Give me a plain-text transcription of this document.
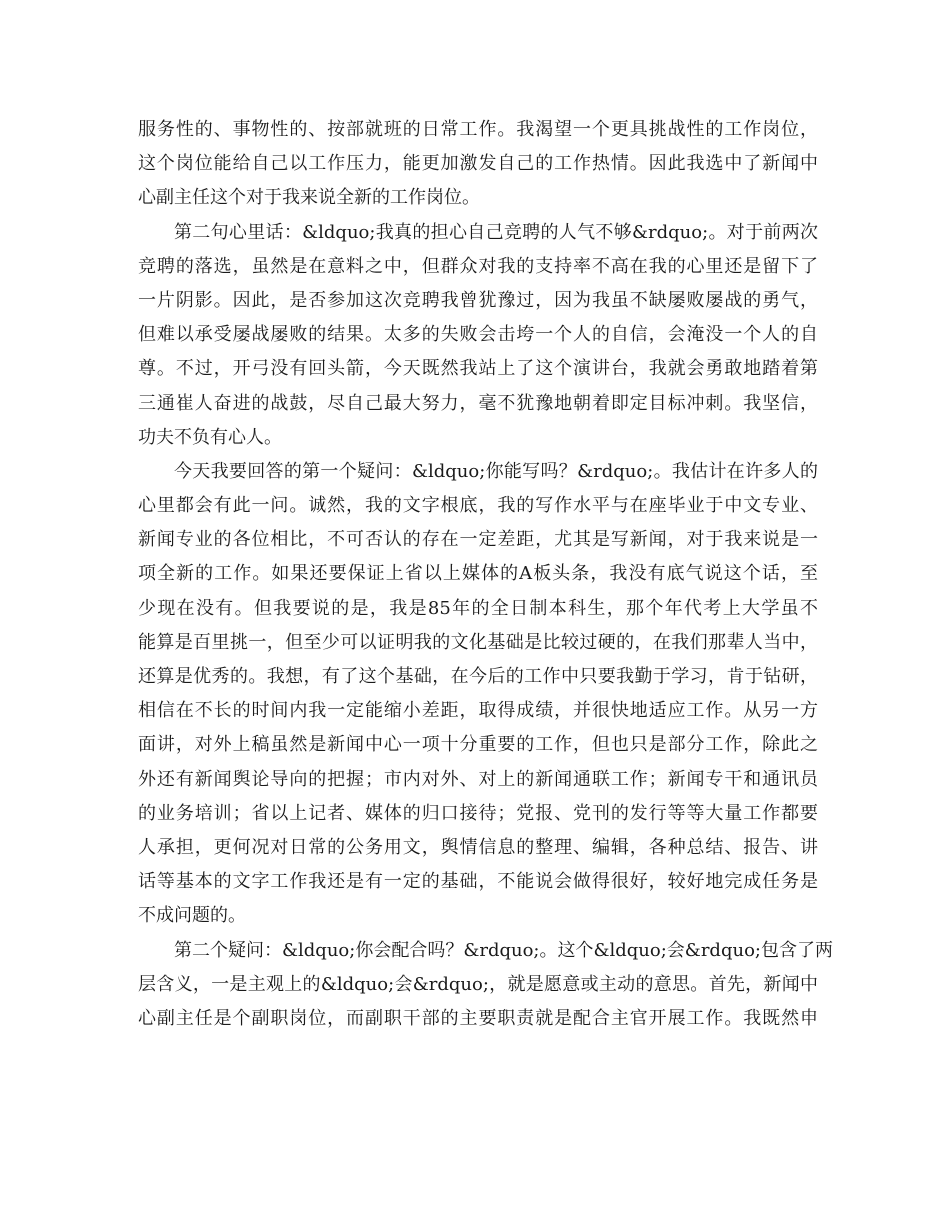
服务性的、事物性的、按部就班的日常工作。我渴望一个更具挑战性的工作岗位，
这个岗位能给自己以工作压力，能更加激发自己的工作热情。因此我选中了新闻中
心副主任这个对于我来说全新的工作岗位。
第二句心里话：&ldquo;我真的担心自己竞聘的人气不够&rdquo;。对于前两次
竞聘的落选，虽然是在意料之中，但群众对我的支持率不高在我的心里还是留下了
一片阴影。因此，是否参加这次竞聘我曾犹豫过，因为我虽不缺屡败屡战的勇气，
但难以承受屡战屡败的结果。太多的失败会击垮一个人的自信，会淹没一个人的自
尊。不过，开弓没有回头箭，今天既然我站上了这个演讲台，我就会勇敢地踏着第
三通崔人奋进的战鼓，尽自己最大努力，毫不犹豫地朝着即定目标冲刺。我坚信，
功夫不负有心人。
今天我要回答的第一个疑问：&ldquo;你能写吗？&rdquo;。我估计在许多人的
心里都会有此一问。诚然，我的文字根底，我的写作水平与在座毕业于中文专业、
新闻专业的各位相比，不可否认的存在一定差距，尤其是写新闻，对于我来说是一
项全新的工作。如果还要保证上省以上媒体的A板头条，我没有底气说这个话，至
少现在没有。但我要说的是，我是85年的全日制本科生，那个年代考上大学虽不
能算是百里挑一，但至少可以证明我的文化基础是比较过硬的，在我们那辈人当中，
还算是优秀的。我想，有了这个基础，在今后的工作中只要我勤于学习，肯于钻研，
相信在不长的时间内我一定能缩小差距，取得成绩，并很快地适应工作。从另一方
面讲，对外上稿虽然是新闻中心一项十分重要的工作，但也只是部分工作，除此之
外还有新闻舆论导向的把握；市内对外、对上的新闻通联工作；新闻专干和通讯员
的业务培训；省以上记者、媒体的归口接待；党报、党刊的发行等等大量工作都要
人承担，更何况对日常的公务用文，舆情信息的整理、编辑，各种总结、报告、讲
话等基本的文字工作我还是有一定的基础，不能说会做得很好，较好地完成任务是
不成问题的。
第二个疑问：&ldquo;你会配合吗？&rdquo;。这个&ldquo;会&rdquo;包含了两
层含义，一是主观上的&ldquo;会&rdquo;，就是愿意或主动的意思。首先，新闻中
心副主任是个副职岗位，而副职干部的主要职责就是配合主官开展工作。我既然申
